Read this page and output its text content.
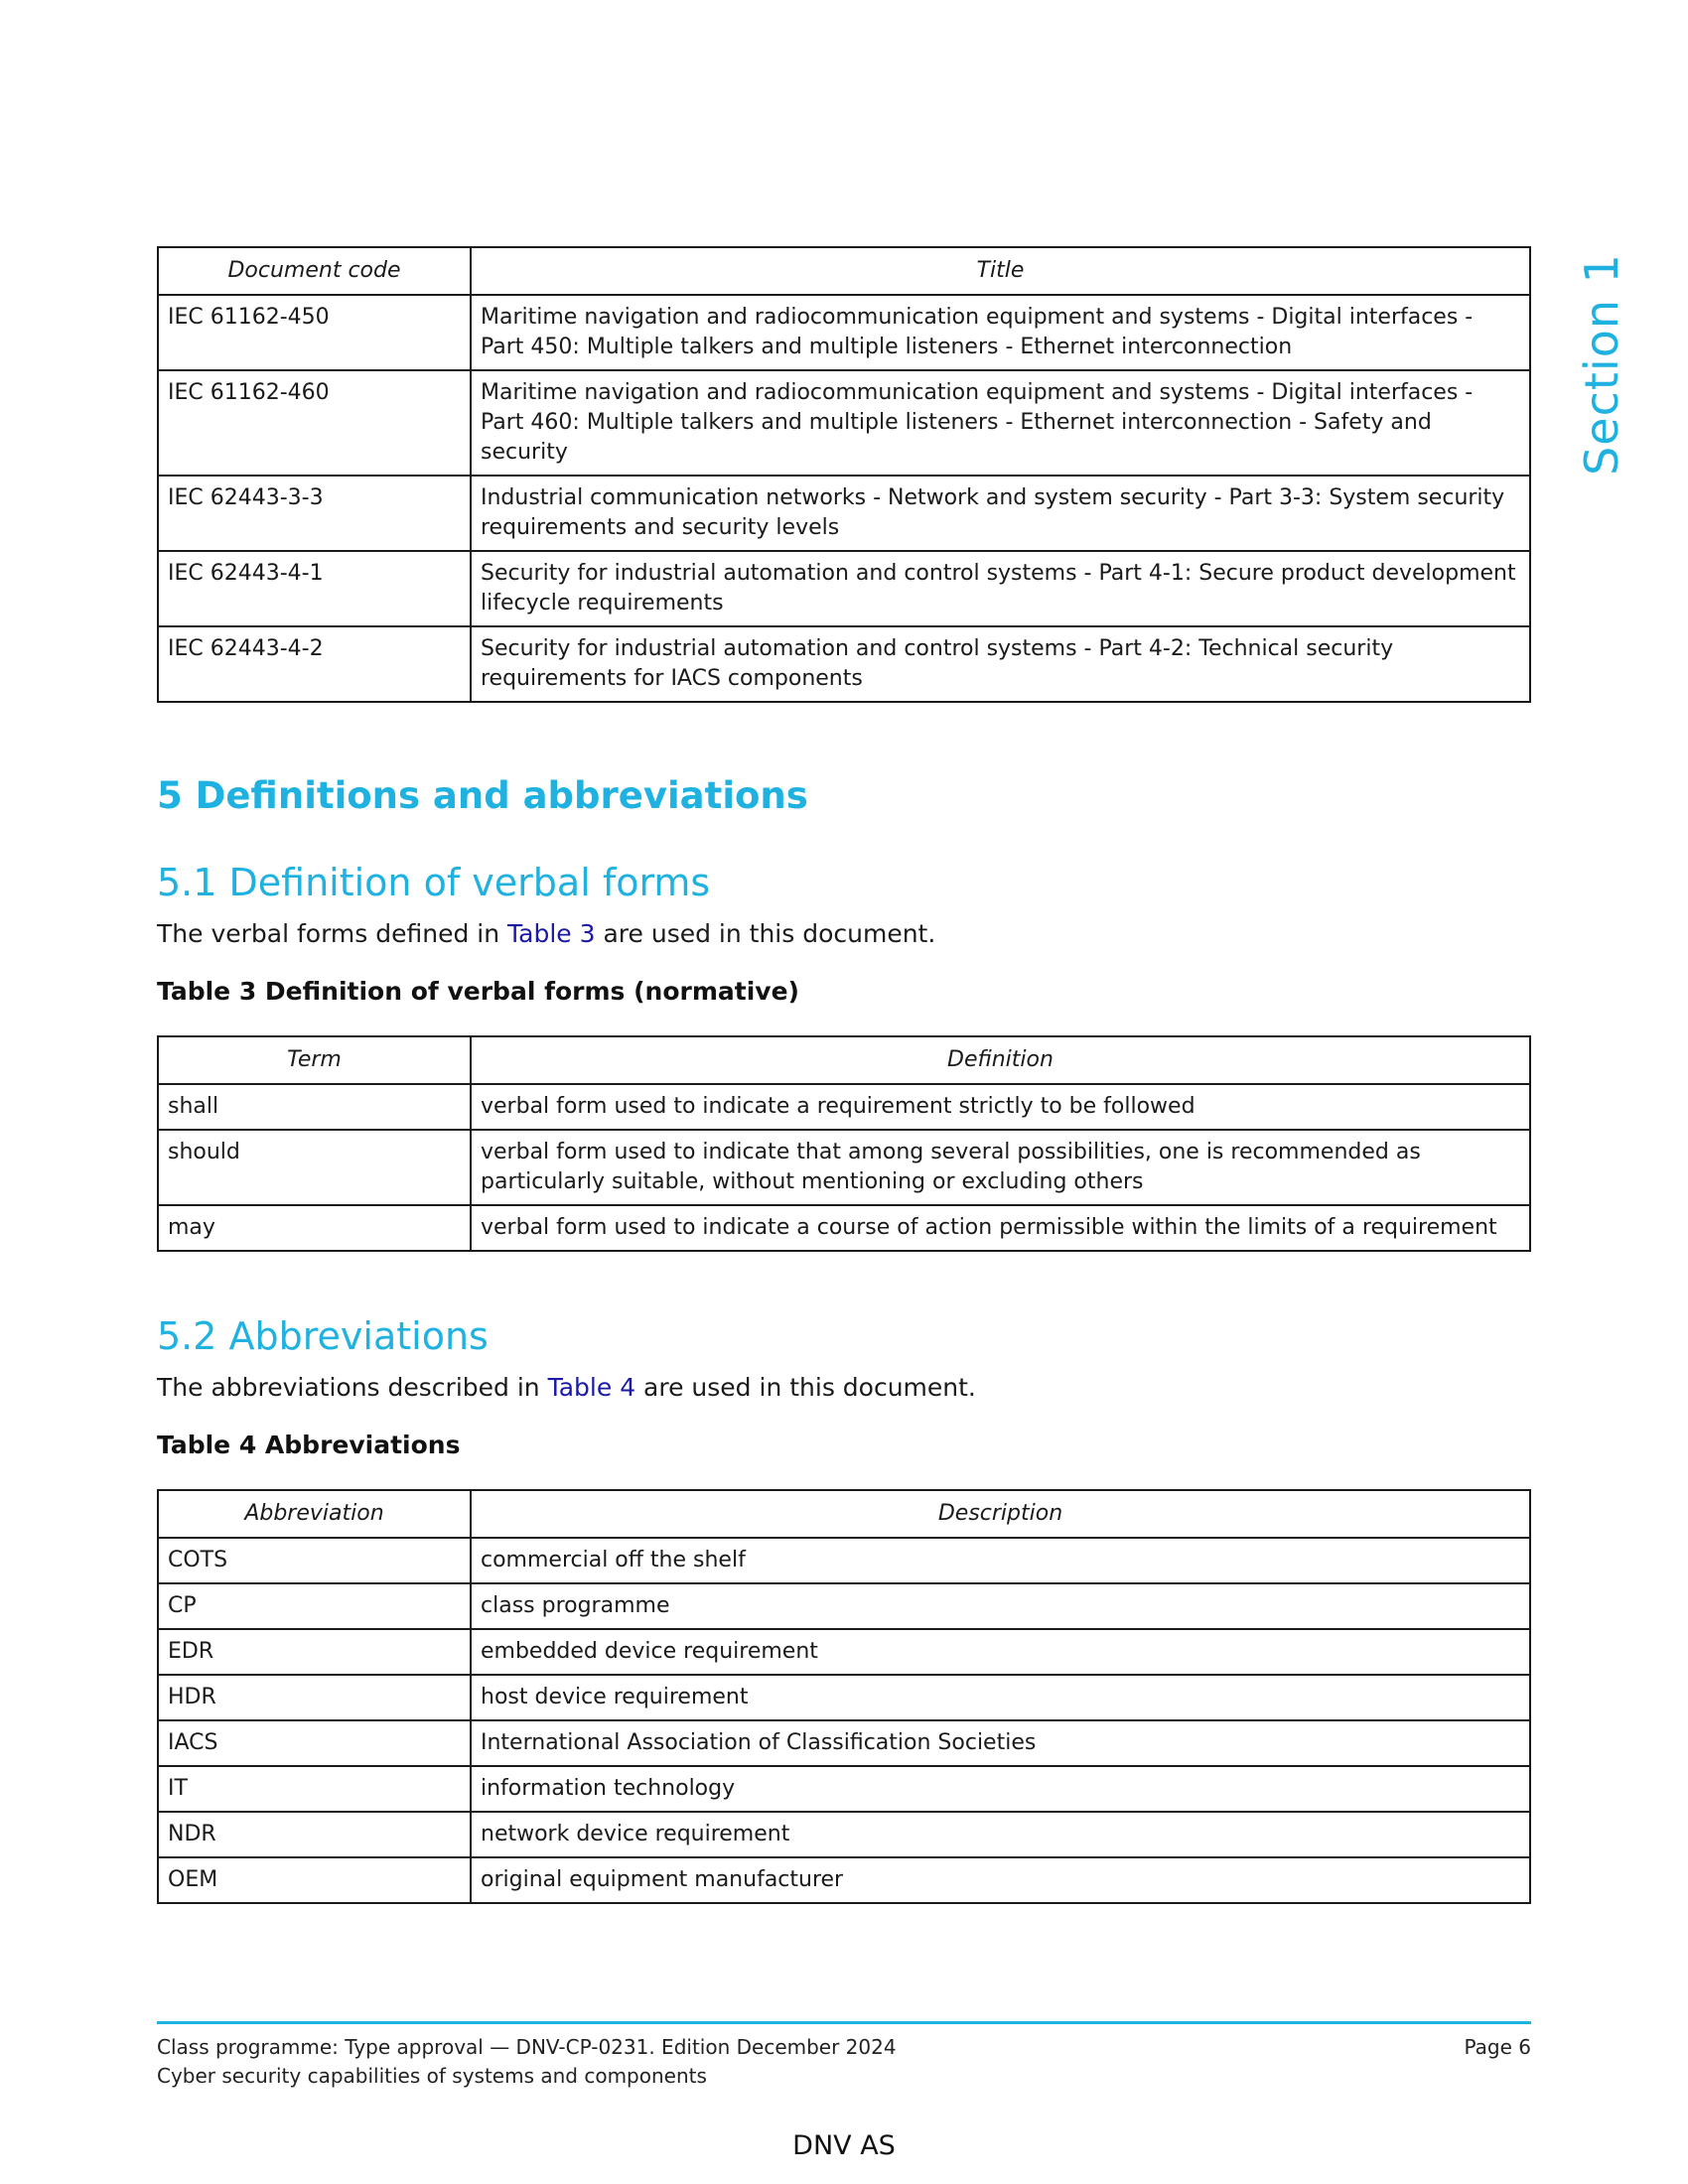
Section 1
Document code	Title
IEC 61162-450	Maritime navigation and radiocommunication equipment and systems - Digital interfaces - Part 450: Multiple talkers and multiple listeners - Ethernet interconnection
IEC 61162-460	Maritime navigation and radiocommunication equipment and systems - Digital interfaces - Part 460: Multiple talkers and multiple listeners - Ethernet interconnection - Safety and security
IEC 62443-3-3	Industrial communication networks - Network and system security - Part 3-3: System security requirements and security levels
IEC 62443-4-1	Security for industrial automation and control systems - Part 4-1: Secure product development lifecycle requirements
IEC 62443-4-2	Security for industrial automation and control systems - Part 4-2: Technical security requirements for IACS components
5 Definitions and abbreviations
5.1 Definition of verbal forms

The verbal forms defined in Table 3 are used in this document.

Table 3 Definition of verbal forms (normative)

Term	Definition
shall	verbal form used to indicate a requirement strictly to be followed
should	verbal form used to indicate that among several possibilities, one is recommended as particularly suitable, without mentioning or excluding others
may	verbal form used to indicate a course of action permissible within the limits of a requirement
5.2 Abbreviations

The abbreviations described in Table 4 are used in this document.

Table 4 Abbreviations

Abbreviation	Description
COTS	commercial off the shelf
CP	class programme
EDR	embedded device requirement
HDR	host device requirement
IACS	International Association of Classification Societies
IT	information technology
NDR	network device requirement
OEM	original equipment manufacturer

Class programme: Type approval — DNV-CP-0231. Edition December 2024

Cyber security capabilities of systems and components

Page 6

DNV AS
